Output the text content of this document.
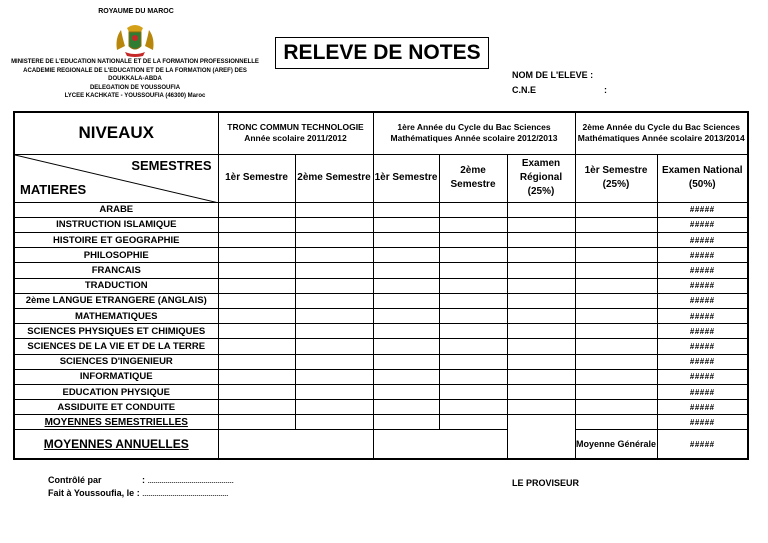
ROYAUME DU MAROC
MINISTERE DE L'EDUCATION NATIONALE ET DE LA FORMATION PROFESSIONNELLE
ACADEMIE REGIONALE DE L'EDUCATION ET DE LA FORMATION (AREF) DES
DOUKKALA-ABDA
DELEGATION DE YOUSSOUFIA
LYCEE KACHKATE - YOUSSOUFIA (46300) Maroc
RELEVE DE NOTES
NOM DE L'ELEVE :
C.N.E	:
NIVEAUX	TRONC COMMUN TECHNOLOGIE Année scolaire 2011/2012		1ère Année du Cycle du Bac Sciences Mathématiques Année scolaire 2012/2013			2ème Année du Cycle du Bac Sciences Mathématiques Année scolaire 2013/2014	

SEMESTRES
MATIERES	1èr Semestre	2ème Semestre	1èr Semestre	2ème Semestre	Examen Régional (25%)	1èr Semestre (25%)	Examen National (50%)
ARABE							#####
INSTRUCTION ISLAMIQUE							#####
HISTOIRE ET GEOGRAPHIE							#####
PHILOSOPHIE							#####
FRANCAIS							#####
TRADUCTION							#####
2ème LANGUE ETRANGERE (ANGLAIS)							#####
MATHEMATIQUES							#####
SCIENCES PHYSIQUES ET CHIMIQUES							#####
SCIENCES DE LA VIE ET DE LA TERRE							#####
SCIENCES D'INGENIEUR							#####
INFORMATIQUE							#####
EDUCATION PHYSIQUE							#####
ASSIDUITE ET CONDUITE							#####
MOYENNES SEMESTRIELLES							#####
MOYENNES ANNUELLES						Moyenne Générale	#####
Contrôlé par	:
...........................................
Fait à Youssoufia, le : ...........................................
LE PROVISEUR
